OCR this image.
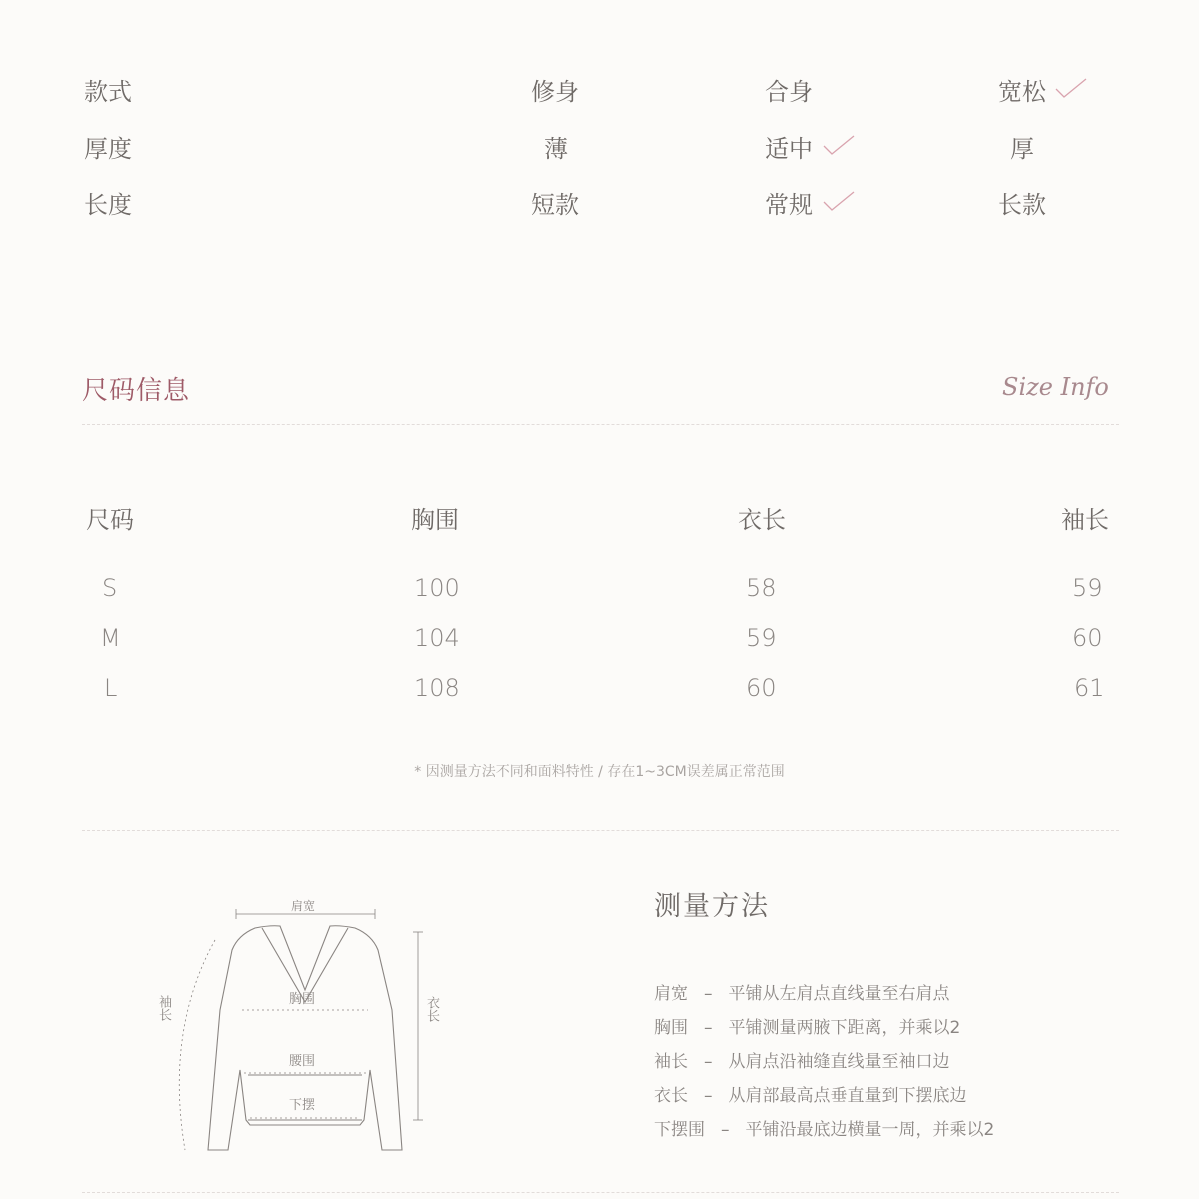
款式	修身	合身	宽松
厚度	薄	适中	厚
长度	短款	常规	长款
尺码信息	Size Info
尺码	胸围	衣长	袖长
S	100	58	59
M	104	59	60
L	108	60	61
* 因测量方法不同和面料特性 / 存在1~3CM误差属正常范围
肩宽
胸围
腰围
下摆
袖长	衣长
测量方法
肩宽 – 平铺从左肩点直线量至右肩点
胸围 – 平铺测量两腋下距离，并乘以2
袖长 – 从肩点沿袖缝直线量至袖口边
衣长 – 从肩部最高点垂直量到下摆底边
下摆围 – 平铺沿最底边横量一周，并乘以2
